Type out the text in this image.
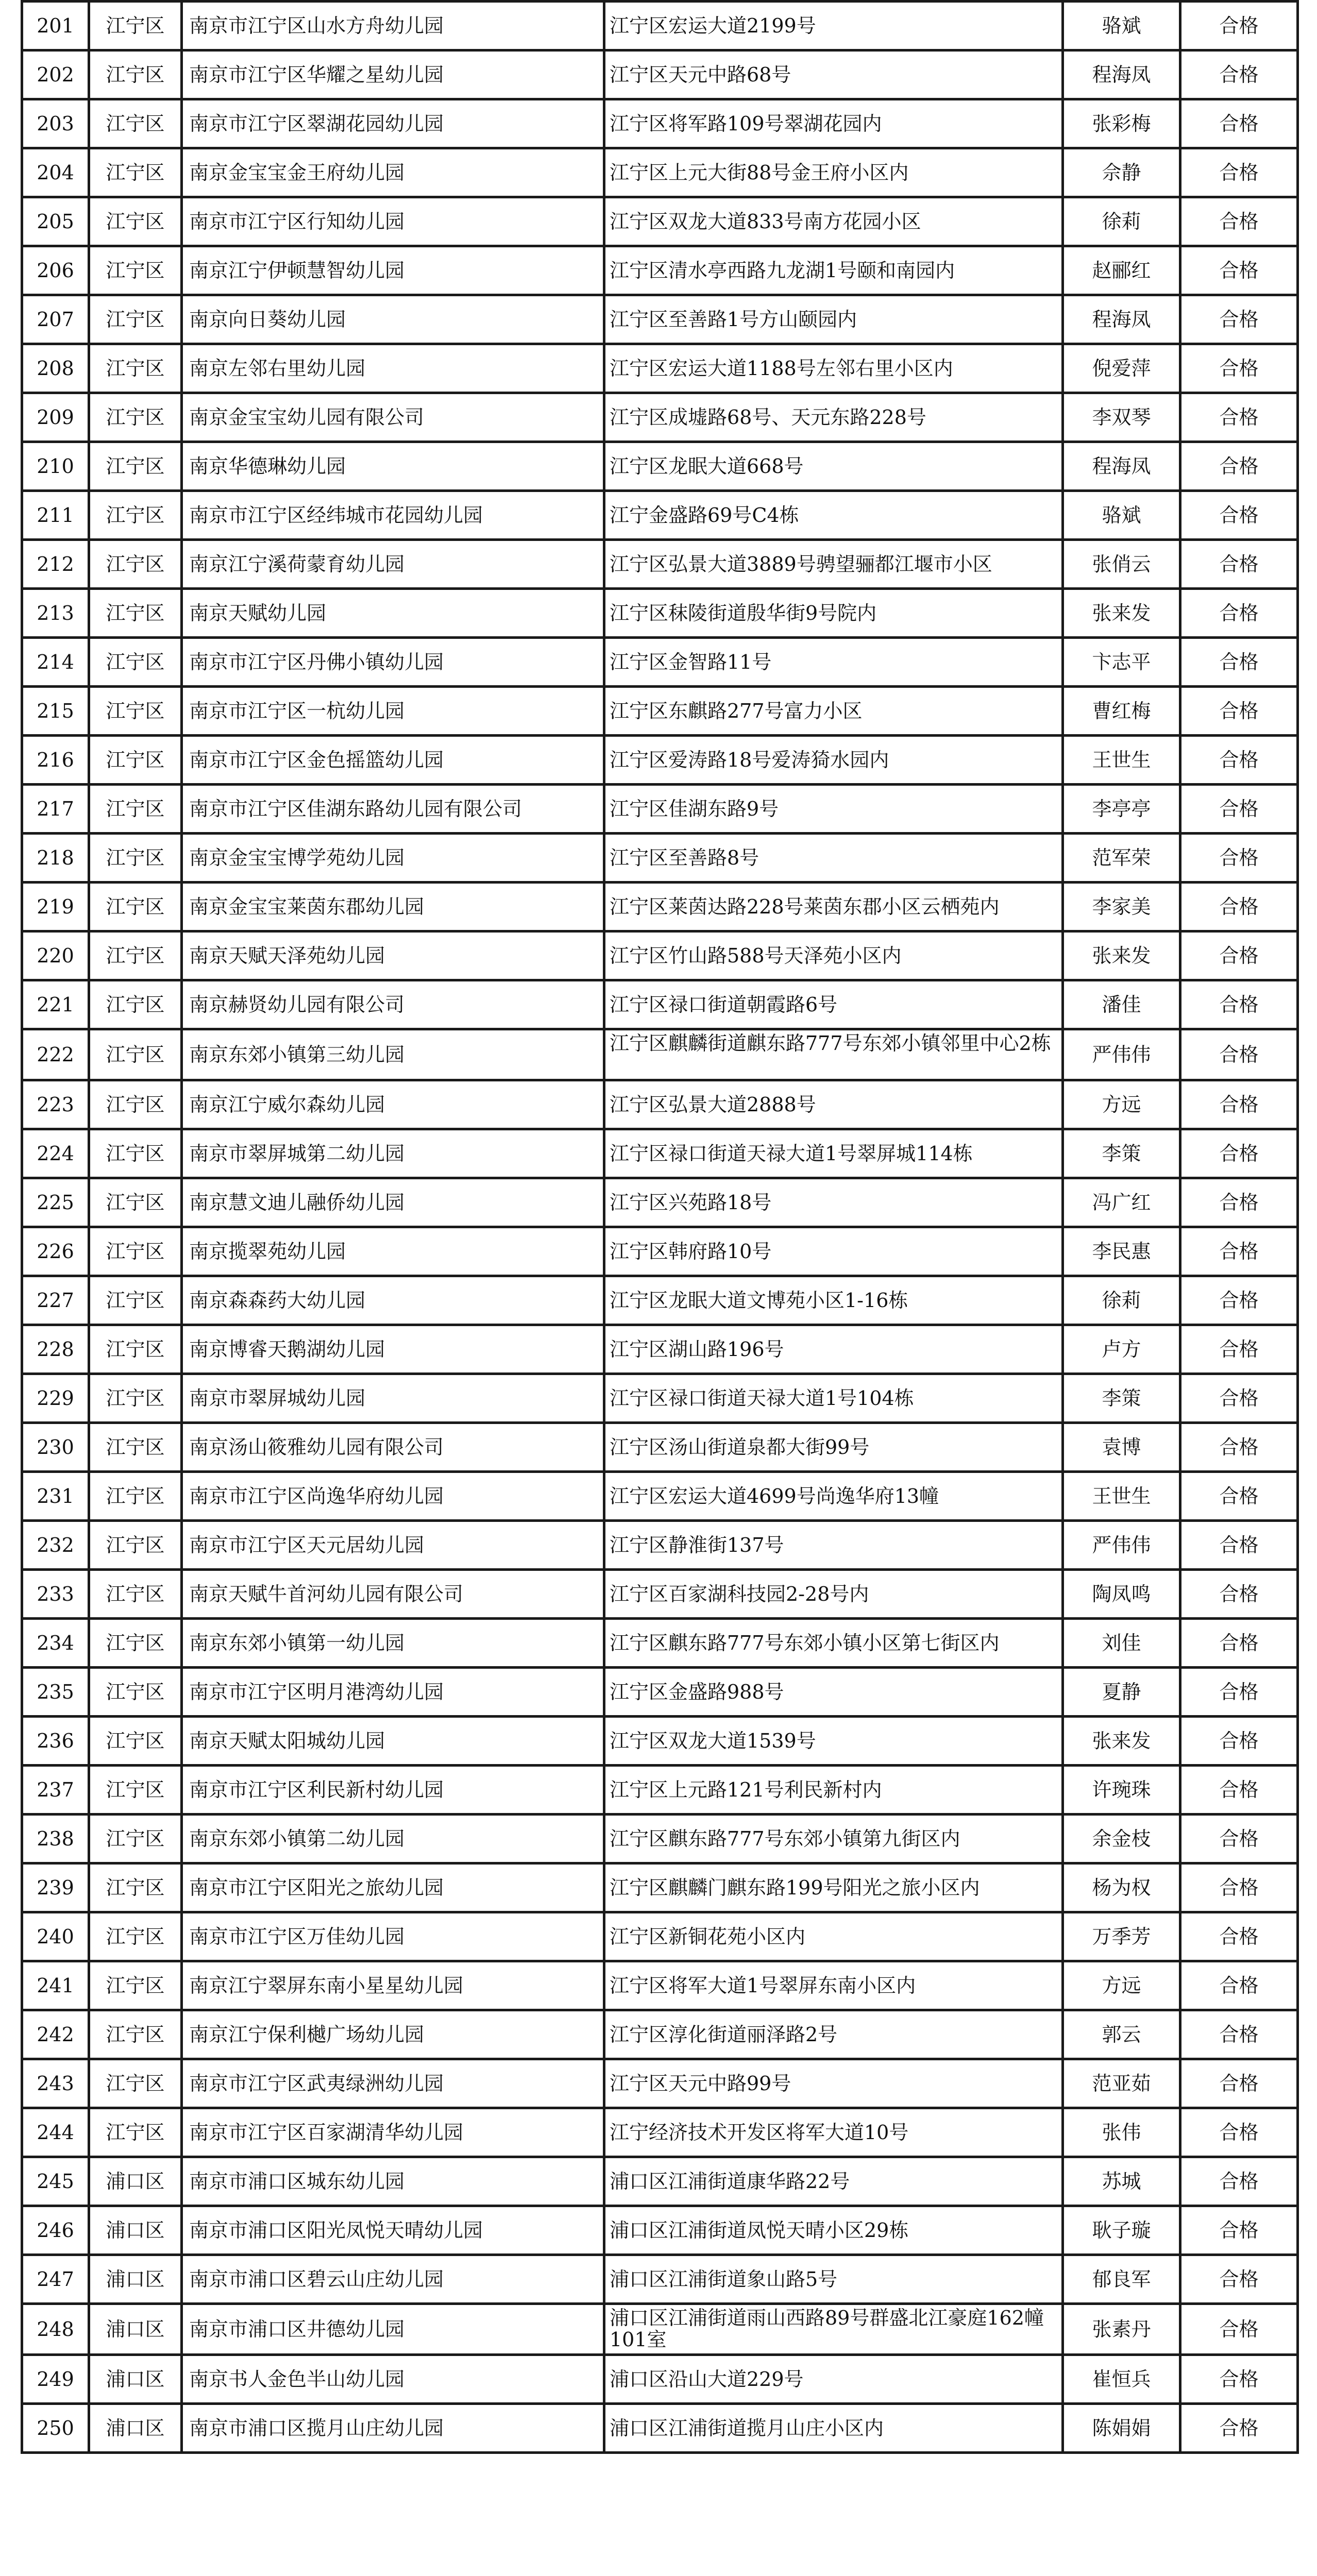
201	江宁区	南京市江宁区山水方舟幼儿园	江宁区宏运大道2199号	骆斌	合格
202	江宁区	南京市江宁区华耀之星幼儿园	江宁区天元中路68号	程海凤	合格
203	江宁区	南京市江宁区翠湖花园幼儿园	江宁区将军路109号翠湖花园内	张彩梅	合格
204	江宁区	南京金宝宝金王府幼儿园	江宁区上元大街88号金王府小区内	佘静	合格
205	江宁区	南京市江宁区行知幼儿园	江宁区双龙大道833号南方花园小区	徐莉	合格
206	江宁区	南京江宁伊顿慧智幼儿园	江宁区清水亭西路九龙湖1号颐和南园内	赵郦红	合格
207	江宁区	南京向日葵幼儿园	江宁区至善路1号方山颐园内	程海凤	合格
208	江宁区	南京左邻右里幼儿园	江宁区宏运大道1188号左邻右里小区内	倪爱萍	合格
209	江宁区	南京金宝宝幼儿园有限公司	江宁区成墟路68号、天元东路228号	李双琴	合格
210	江宁区	南京华德琳幼儿园	江宁区龙眠大道668号	程海凤	合格
211	江宁区	南京市江宁区经纬城市花园幼儿园	江宁金盛路69号C4栋	骆斌	合格
212	江宁区	南京江宁溪荷蒙育幼儿园	江宁区弘景大道3889号骋望骊都江堰市小区	张俏云	合格
213	江宁区	南京天赋幼儿园	江宁区秣陵街道殷华街9号院内	张来发	合格
214	江宁区	南京市江宁区丹佛小镇幼儿园	江宁区金智路11号	卞志平	合格
215	江宁区	南京市江宁区一杭幼儿园	江宁区东麒路277号富力小区	曹红梅	合格
216	江宁区	南京市江宁区金色摇篮幼儿园	江宁区爱涛路18号爱涛猗水园内	王世生	合格
217	江宁区	南京市江宁区佳湖东路幼儿园有限公司	江宁区佳湖东路9号	李亭亭	合格
218	江宁区	南京金宝宝博学苑幼儿园	江宁区至善路8号	范军荣	合格
219	江宁区	南京金宝宝莱茵东郡幼儿园	江宁区莱茵达路228号莱茵东郡小区云栖苑内	李家美	合格
220	江宁区	南京天赋天泽苑幼儿园	江宁区竹山路588号天泽苑小区内	张来发	合格
221	江宁区	南京赫贤幼儿园有限公司	江宁区禄口街道朝霞路6号	潘佳	合格
222	江宁区	南京东郊小镇第三幼儿园	江宁区麒麟街道麒东路777号东郊小镇邻里中心2栋	严伟伟	合格
223	江宁区	南京江宁威尔森幼儿园	江宁区弘景大道2888号	方远	合格
224	江宁区	南京市翠屏城第二幼儿园	江宁区禄口街道天禄大道1号翠屏城114栋	李策	合格
225	江宁区	南京慧文迪儿融侨幼儿园	江宁区兴苑路18号	冯广红	合格
226	江宁区	南京揽翠苑幼儿园	江宁区韩府路10号	李民惠	合格
227	江宁区	南京森森药大幼儿园	江宁区龙眠大道文博苑小区1-16栋	徐莉	合格
228	江宁区	南京博睿天鹅湖幼儿园	江宁区湖山路196号	卢方	合格
229	江宁区	南京市翠屏城幼儿园	江宁区禄口街道天禄大道1号104栋	李策	合格
230	江宁区	南京汤山筱雅幼儿园有限公司	江宁区汤山街道泉都大街99号	袁博	合格
231	江宁区	南京市江宁区尚逸华府幼儿园	江宁区宏运大道4699号尚逸华府13幢	王世生	合格
232	江宁区	南京市江宁区天元居幼儿园	江宁区静淮街137号	严伟伟	合格
233	江宁区	南京天赋牛首河幼儿园有限公司	江宁区百家湖科技园2-28号内	陶凤鸣	合格
234	江宁区	南京东郊小镇第一幼儿园	江宁区麒东路777号东郊小镇小区第七街区内	刘佳	合格
235	江宁区	南京市江宁区明月港湾幼儿园	江宁区金盛路988号	夏静	合格
236	江宁区	南京天赋太阳城幼儿园	江宁区双龙大道1539号	张来发	合格
237	江宁区	南京市江宁区利民新村幼儿园	江宁区上元路121号利民新村内	许琬珠	合格
238	江宁区	南京东郊小镇第二幼儿园	江宁区麒东路777号东郊小镇第九街区内	余金枝	合格
239	江宁区	南京市江宁区阳光之旅幼儿园	江宁区麒麟门麒东路199号阳光之旅小区内	杨为权	合格
240	江宁区	南京市江宁区万佳幼儿园	江宁区新铜花苑小区内	万季芳	合格
241	江宁区	南京江宁翠屏东南小星星幼儿园	江宁区将军大道1号翠屏东南小区内	方远	合格
242	江宁区	南京江宁保利樾广场幼儿园	江宁区淳化街道丽泽路2号	郭云	合格
243	江宁区	南京市江宁区武夷绿洲幼儿园	江宁区天元中路99号	范亚茹	合格
244	江宁区	南京市江宁区百家湖清华幼儿园	江宁经济技术开发区将军大道10号	张伟	合格
245	浦口区	南京市浦口区城东幼儿园	浦口区江浦街道康华路22号	苏城	合格
246	浦口区	南京市浦口区阳光凤悦天晴幼儿园	浦口区江浦街道凤悦天晴小区29栋	耿子璇	合格
247	浦口区	南京市浦口区碧云山庄幼儿园	浦口区江浦街道象山路5号	郁良军	合格
248	浦口区	南京市浦口区井德幼儿园	浦口区江浦街道雨山西路89号群盛北江豪庭162幢101室	张素丹	合格
249	浦口区	南京书人金色半山幼儿园	浦口区沿山大道229号	崔恒兵	合格
250	浦口区	南京市浦口区揽月山庄幼儿园	浦口区江浦街道揽月山庄小区内	陈娟娟	合格
